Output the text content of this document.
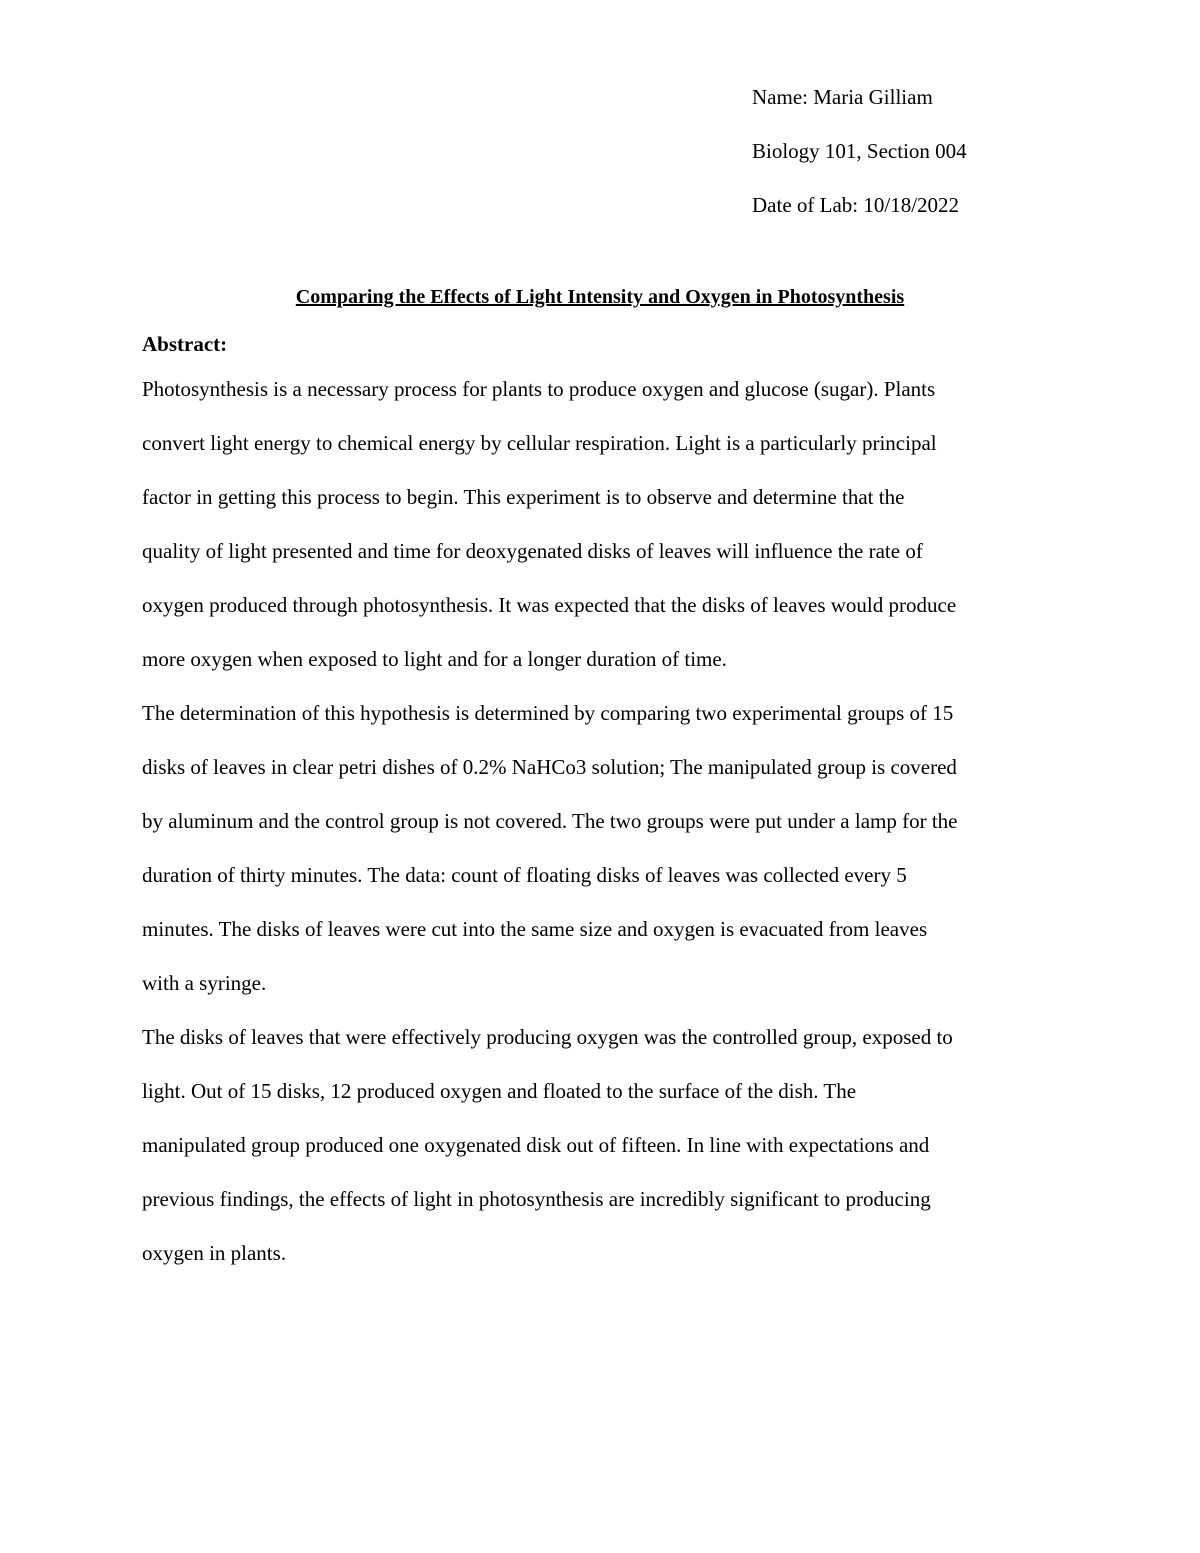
Name: Maria Gilliam
Biology 101, Section 004
Date of Lab: 10/18/2022
Comparing the Effects of Light Intensity and Oxygen in Photosynthesis
Abstract:

Photosynthesis is a necessary process for plants to produce oxygen and glucose (sugar). Plants
convert light energy to chemical energy by cellular respiration. Light is a particularly principal
factor in getting this process to begin. This experiment is to observe and determine that the
quality of light presented and time for deoxygenated disks of leaves will influence the rate of
oxygen produced through photosynthesis. It was expected that the disks of leaves would produce
more oxygen when exposed to light and for a longer duration of time.

The determination of this hypothesis is determined by comparing two experimental groups of 15
disks of leaves in clear petri dishes of 0.2% NaHCo3 solution; The manipulated group is covered
by aluminum and the control group is not covered. The two groups were put under a lamp for the
duration of thirty minutes. The data: count of floating disks of leaves was collected every 5
minutes. The disks of leaves were cut into the same size and oxygen is evacuated from leaves
with a syringe.

The disks of leaves that were effectively producing oxygen was the controlled group, exposed to
light. Out of 15 disks, 12 produced oxygen and floated to the surface of the dish. The
manipulated group produced one oxygenated disk out of fifteen. In line with expectations and
previous findings, the effects of light in photosynthesis are incredibly significant to producing
oxygen in plants.
